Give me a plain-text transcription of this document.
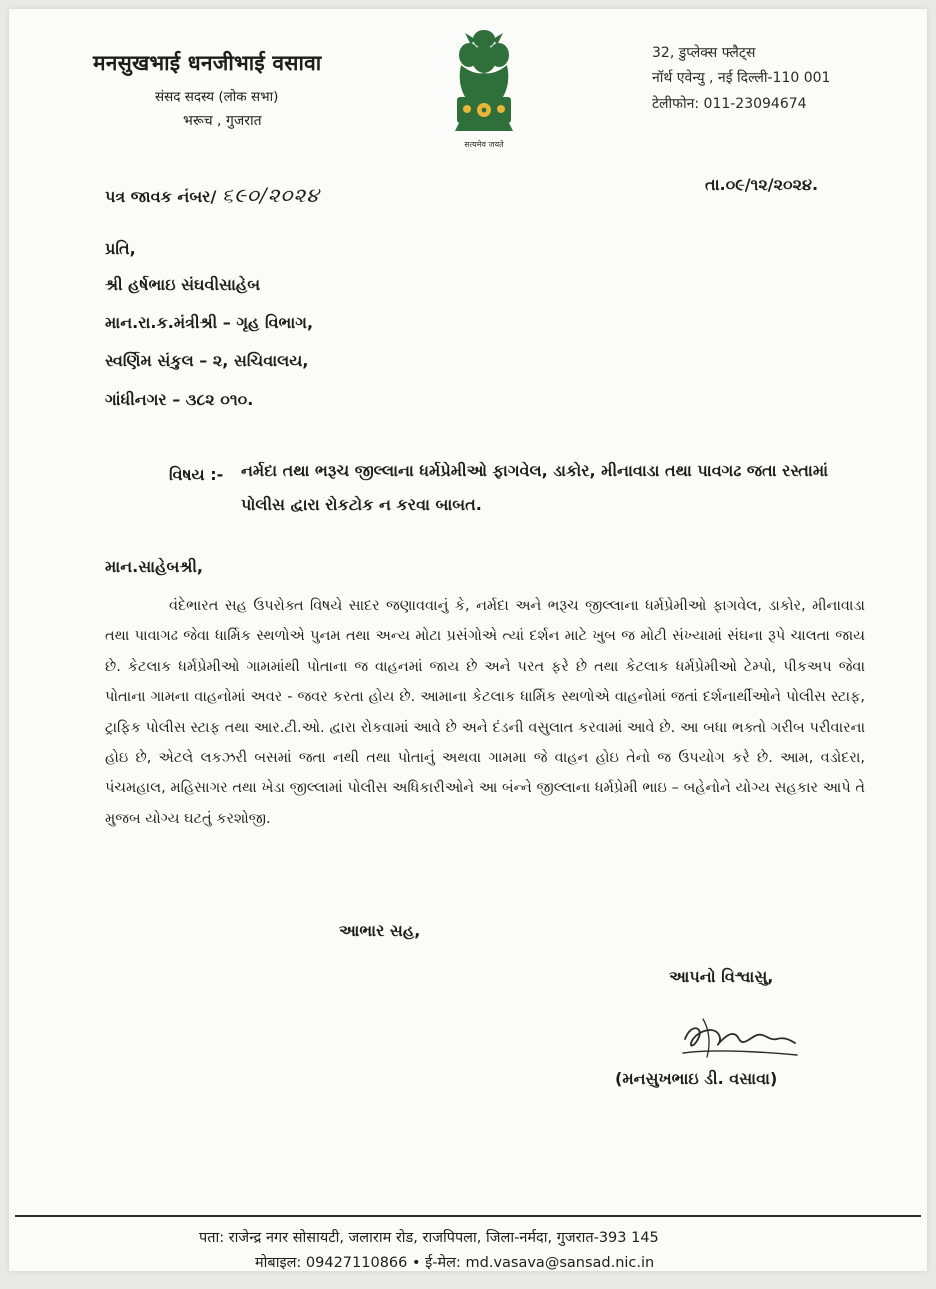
मनसुखभाई धनजीभाई वसावा
संसद सदस्य (लोक सभा)
भरूच , गुजरात
सत्यमेव जयते
32, डुप्लेक्स फ्लैट्स
नॉर्थ एवेन्यु , नई दिल्ली-110 001
टेलीफोन: 011-23094674
પત્ર જાવક નંબર/ ૬૯૦/૨૦૨૪	તા.૦૯/૧૨/૨૦૨૪.
પ્રતિ,
શ્રી હર્ષભાઇ સંઘવીસાહેબ
માન.રા.ક.મંત્રીશ્રી – ગૃહ વિભાગ,
સ્વર્ણિમ સંકુલ – ૨, સચિવાલય,
ગાંધીનગર – ૩૮૨ ૦૧૦.
વિષય :- નર્મદા તથા ભરૂચ જીલ્લાના ધર્મપ્રેમીઓ ફાગવેલ, ડાકોર, મીનાવાડા તથા પાવગઢ જતા રસ્તામાં પોલીસ દ્વારા રોકટોક ન કરવા બાબત.
માન.સાહેબશ્રી,
વંદેભારત સહ ઉપરોક્ત વિષયે સાદર જણાવવાનું કે, નર્મદા અને ભરૂચ જીલ્લાના ધર્મપ્રેમીઓ ફાગવેલ, ડાકોર, મીનાવાડા તથા પાવાગઢ જેવા ધાર્મિક સ્થળોએ પુનમ તથા અન્ય મોટા પ્રસંગોએ ત્યાં દર્શન માટે ખુબ જ મોટી સંખ્યામાં સંઘના રૂપે ચાલતા જાય છે. કેટલાક ધર્મપ્રેમીઓ ગામમાંથી પોતાના જ વાહનમાં જાય છે અને પરત ફરે છે તથા કેટલાક ધર્મપ્રેમીઓ ટેમ્પો, પીકઅપ જેવા પોતાના ગામના વાહનોમાં અવર - જવર કરતા હોય છે. આમાના કેટલાક ધાર્મિક સ્થળોએ વાહનોમાં જતાં દર્શનાર્થીઓને પોલીસ સ્ટાફ, ટ્રાફિક પોલીસ સ્ટાફ તથા આર.ટી.ઓ. દ્વારા રોકવામાં આવે છે અને દંડની વસુલાત કરવામાં આવે છે. આ બધા ભક્તો ગરીબ પરીવારના હોઇ છે, એટલે લકઝરી બસમાં જતા નથી તથા પોતાનું અથવા ગામમા જે વાહન હોઇ તેનો જ ઉપયોગ કરે છે. આમ, વડોદરા, પંચમહાલ, મહિસાગર તથા ખેડા જીલ્લામાં પોલીસ અધિકારીઓને આ બંન્ને જીલ્લાના ધર્મપ્રેમી ભાઇ – બહેનોને યોગ્ય સહકાર આપે તે મુજબ યોગ્ય ઘટતું કરશોજી.
આભાર સહ,
આપનો વિશ્વાસુ,
(મનસુખભાઇ ડી. વસાવા)
पता: राजेन्द्र नगर सोसायटी, जलाराम रोड, राजपिपला, जिला-नर्मदा, गुजरात-393 145
मोबाइल: 09427110866 • ई-मेल: md.vasava@sansad.nic.in
